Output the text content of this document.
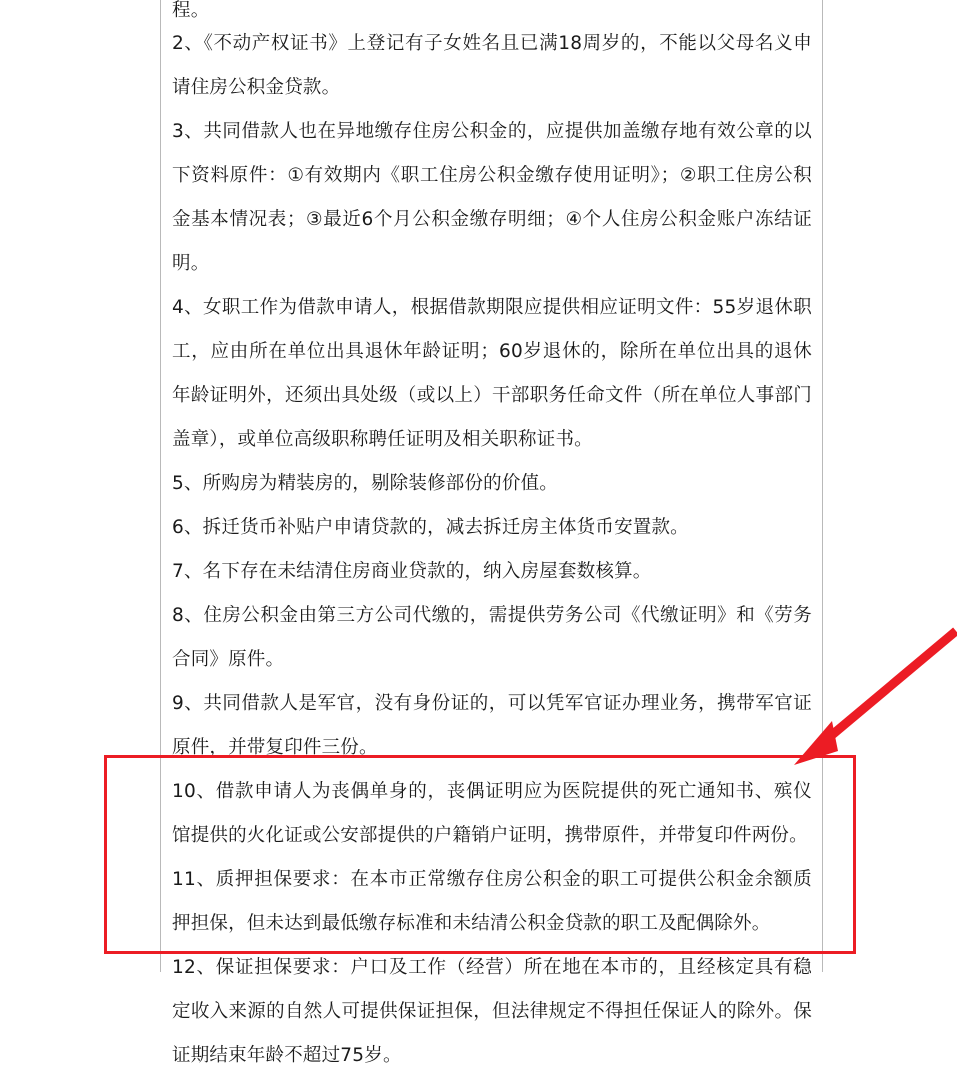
程。
2、《不动产权证书》上登记有子女姓名且已满18周岁的，不能以父母名义申请住房公积金贷款。
3、共同借款人也在异地缴存住房公积金的，应提供加盖缴存地有效公章的以下资料原件：①有效期内《职工住房公积金缴存使用证明》；②职工住房公积金基本情况表；③最近6个月公积金缴存明细；④个人住房公积金账户冻结证明。
4、女职工作为借款申请人，根据借款期限应提供相应证明文件：55岁退休职工，应由所在单位出具退休年龄证明；60岁退休的，除所在单位出具的退休年龄证明外，还须出具处级（或以上）干部职务任命文件（所在单位人事部门盖章），或单位高级职称聘任证明及相关职称证书。
5、所购房为精装房的，剔除装修部份的价值。
6、拆迁货币补贴户申请贷款的，减去拆迁房主体货币安置款。
7、名下存在未结清住房商业贷款的，纳入房屋套数核算。
8、住房公积金由第三方公司代缴的，需提供劳务公司《代缴证明》和《劳务合同》原件。
9、共同借款人是军官，没有身份证的，可以凭军官证办理业务，携带军官证原件，并带复印件三份。
10、借款申请人为丧偶单身的，丧偶证明应为医院提供的死亡通知书、殡仪馆提供的火化证或公安部提供的户籍销户证明，携带原件，并带复印件两份。
11、质押担保要求：在本市正常缴存住房公积金的职工可提供公积金余额质押担保，但未达到最低缴存标准和未结清公积金贷款的职工及配偶除外。
12、保证担保要求：户口及工作（经营）所在地在本市的，且经核定具有稳定收入来源的自然人可提供保证担保，但法律规定不得担任保证人的除外。保证期结束年龄不超过75岁。
